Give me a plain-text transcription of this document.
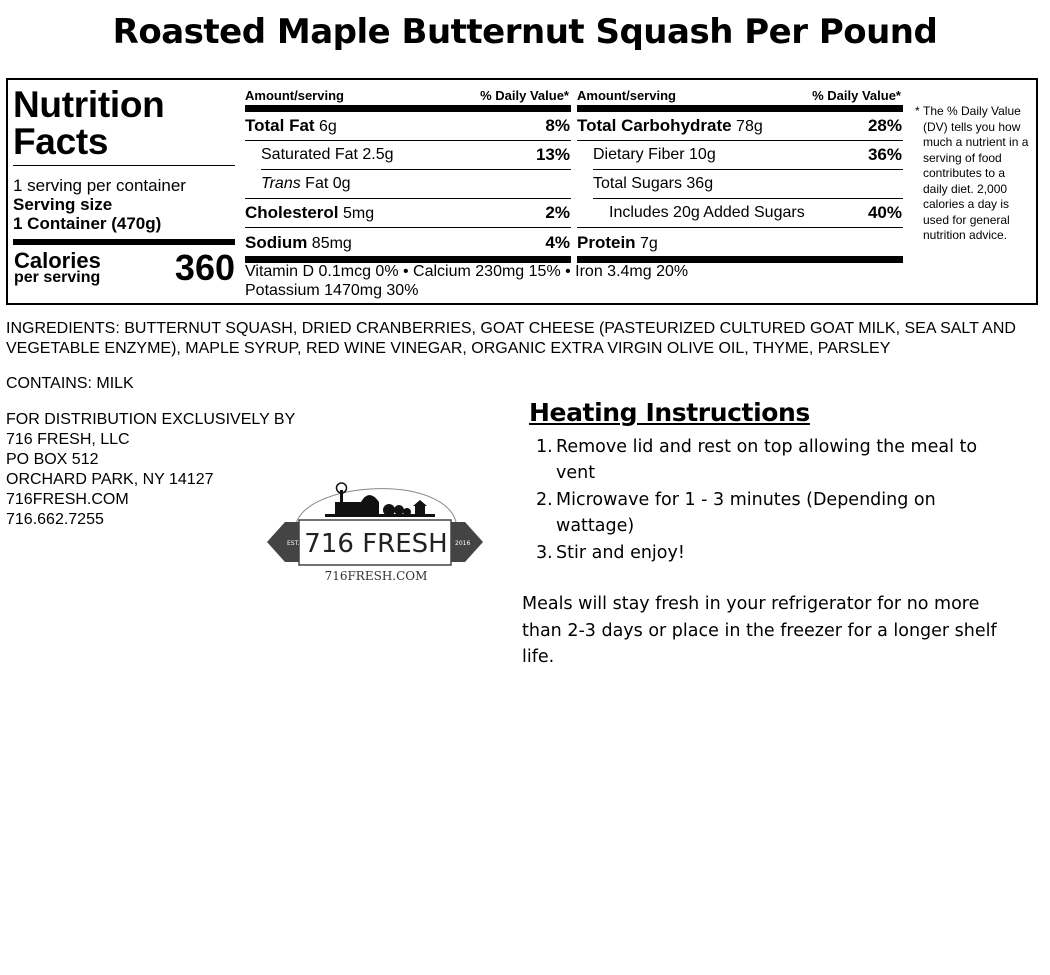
Roasted Maple Butternut Squash Per Pound
Nutrition
Facts
1 serving per container
Serving size
1 Container (470g)
Calories
per serving 360
Amount/serving	% Daily Value*
Total Fat 6g	8%
Saturated Fat 2.5g	13%
Trans Fat 0g
Cholesterol 5mg	2%
Sodium 85mg	4%
Amount/serving	% Daily Value*
Total Carbohydrate 78g	28%
Dietary Fiber 10g	36%
Total Sugars 36g
Includes 20g Added Sugars	40%
Protein 7g
Vitamin D 0.1mcg 0% • Calcium 230mg 15% • Iron 3.4mg 20%
Potassium 1470mg 30%
* The % Daily Value (DV) tells you how much a nutrient in a serving of food contributes to a daily diet. 2,000 calories a day is used for general nutrition advice.
INGREDIENTS: BUTTERNUT SQUASH, DRIED CRANBERRIES, GOAT CHEESE (PASTEURIZED CULTURED GOAT MILK, SEA SALT AND VEGETABLE ENZYME), MAPLE SYRUP, RED WINE VINEGAR, ORGANIC EXTRA VIRGIN OLIVE OIL, THYME, PARSLEY
CONTAINS: MILK
FOR DISTRIBUTION EXCLUSIVELY BY
716 FRESH, LLC
PO BOX 512
ORCHARD PARK, NY 14127
716FRESH.COM
716.662.7255
EST.	2016
716 FRESH
716FRESH.COM
Heating Instructions
1. Remove lid and rest on top allowing the meal to vent
2. Microwave for 1 - 3 minutes (Depending on wattage)
3. Stir and enjoy!
Meals will stay fresh in your refrigerator for no more than 2-3 days or place in the freezer for a longer shelf life.
